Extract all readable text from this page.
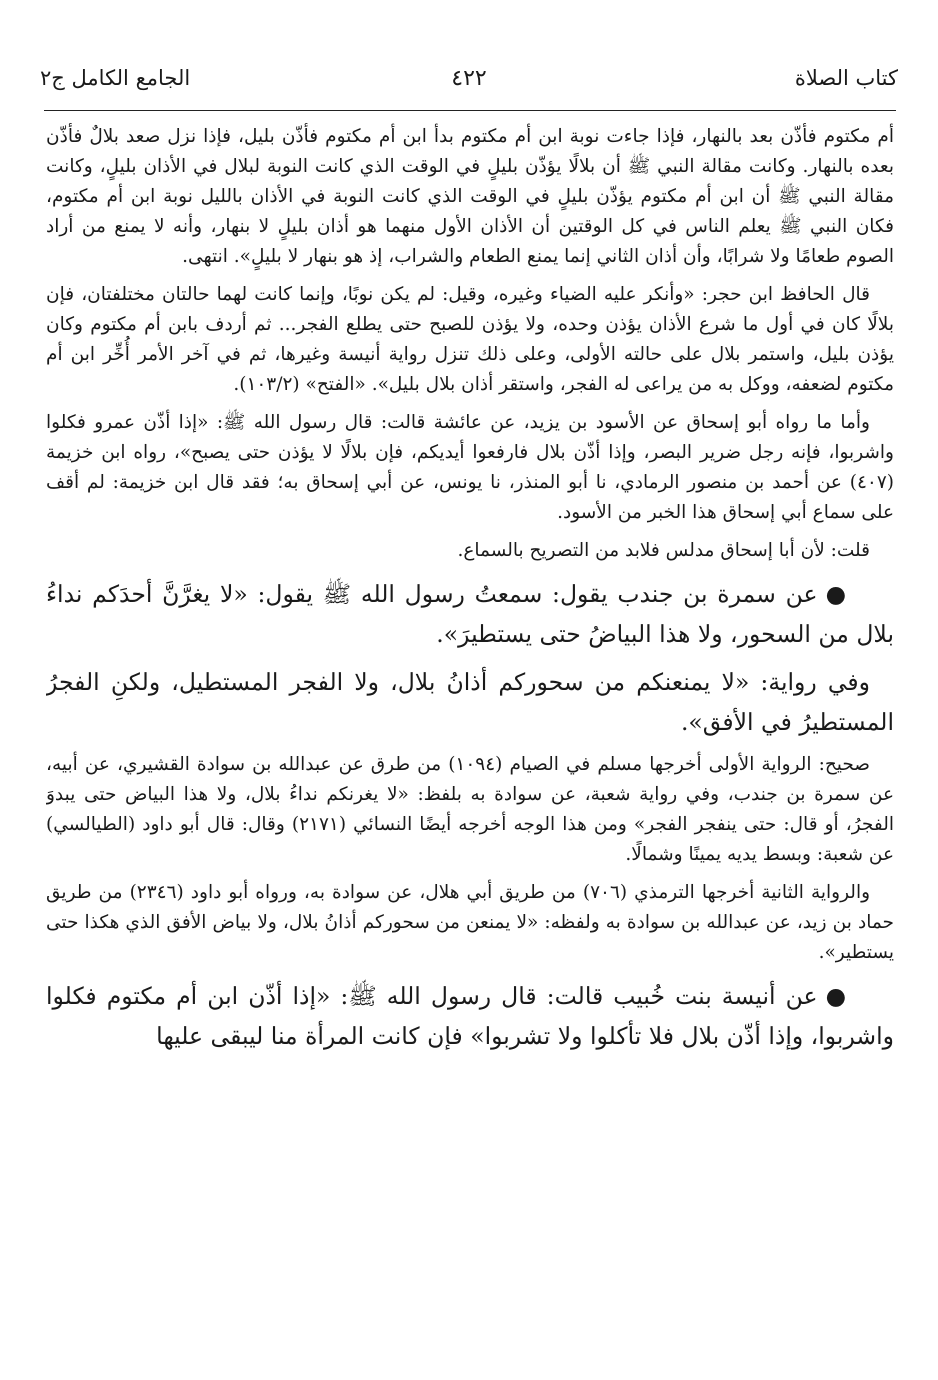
كتاب الصلاة
٤٢٢
الجامع الكامل ج٢

أم مكتوم فأذّن بعد بالنهار، فإذا جاءت نوبة ابن أم مكتوم بدأ ابن أم مكتوم فأذّن بليل، فإذا نزل صعد بلالٌ فأذّن بعده بالنهار. وكانت مقالة النبي ﷺ أن بلالًا يؤذّن بليلٍ في الوقت الذي كانت النوبة لبلال في الأذان بليلٍ، وكانت مقالة النبي ﷺ أن ابن أم مكتوم يؤذّن بليلٍ في الوقت الذي كانت النوبة في الأذان بالليل نوبة ابن أم مكتوم، فكان النبي ﷺ يعلم الناس في كل الوقتين أن الأذان الأول منهما هو أذان بليلٍ لا بنهار، وأنه لا يمنع من أراد الصوم طعامًا ولا شرابًا، وأن أذان الثاني إنما يمنع الطعام والشراب، إذ هو بنهار لا بليلٍ». انتهى.

قال الحافظ ابن حجر: «وأنكر عليه الضياء وغيره، وقيل: لم يكن نوبًا، وإنما كانت لهما حالتان مختلفتان، فإن بلالًا كان في أول ما شرع الأذان يؤذن وحده، ولا يؤذن للصبح حتى يطلع الفجر... ثم أردف بابن أم مكتوم وكان يؤذن بليل، واستمر بلال على حالته الأولى، وعلى ذلك تنزل رواية أنيسة وغيرها، ثم في آخر الأمر أُخِّر ابن أم مكتوم لضعفه، ووكل به من يراعى له الفجر، واستقر أذان بلال بليل». «الفتح» (١٠٣/٢).

وأما ما رواه أبو إسحاق عن الأسود بن يزيد، عن عائشة قالت: قال رسول الله ﷺ: «إذا أذّن عمرو فكلوا واشربوا، فإنه رجل ضرير البصر، وإذا أذّن بلال فارفعوا أيديكم، فإن بلالًا لا يؤذن حتى يصبح»، رواه ابن خزيمة (٤٠٧) عن أحمد بن منصور الرمادي، نا أبو المنذر، نا يونس، عن أبي إسحاق به؛ فقد قال ابن خزيمة: لم أقف على سماع أبي إسحاق هذا الخبر من الأسود.

قلت: لأن أبا إسحاق مدلس فلابد من التصريح بالسماع.

●عن سمرة بن جندب يقول: سمعتُ رسول الله ﷺ يقول: «لا يغرَّنَّ أحدَكم نداءُ بلال من السحور، ولا هذا البياضُ حتى يستطيرَ».

وفي رواية: «لا يمنعنكم من سحوركم أذانُ بلال، ولا الفجر المستطيل، ولكنِ الفجرُ المستطيرُ في الأفق».

صحيح: الرواية الأولى أخرجها مسلم في الصيام (١٠٩٤) من طرق عن عبدالله بن سوادة القشيري، عن أبيه، عن سمرة بن جندب، وفي رواية شعبة، عن سوادة به بلفظ: «لا يغرنكم نداءُ بلال، ولا هذا البياض حتى يبدوَ الفجرُ، أو قال: حتى ينفجر الفجر» ومن هذا الوجه أخرجه أيضًا النسائي (٢١٧١) وقال: قال أبو داود (الطيالسي) عن شعبة: وبسط يديه يمينًا وشمالًا.

والرواية الثانية أخرجها الترمذي (٧٠٦) من طريق أبي هلال، عن سوادة به، ورواه أبو داود (٢٣٤٦) من طريق حماد بن زيد، عن عبدالله بن سوادة به ولفظه: «لا يمنعن من سحوركم أذانُ بلال، ولا بياض الأفق الذي هكذا حتى يستطير».

●عن أنيسة بنت خُبيب قالت: قال رسول الله ﷺ: «إذا أذّن ابن أم مكتوم فكلوا واشربوا، وإذا أذّن بلال فلا تأكلوا ولا تشربوا» فإن كانت المرأة منا ليبقى عليها
